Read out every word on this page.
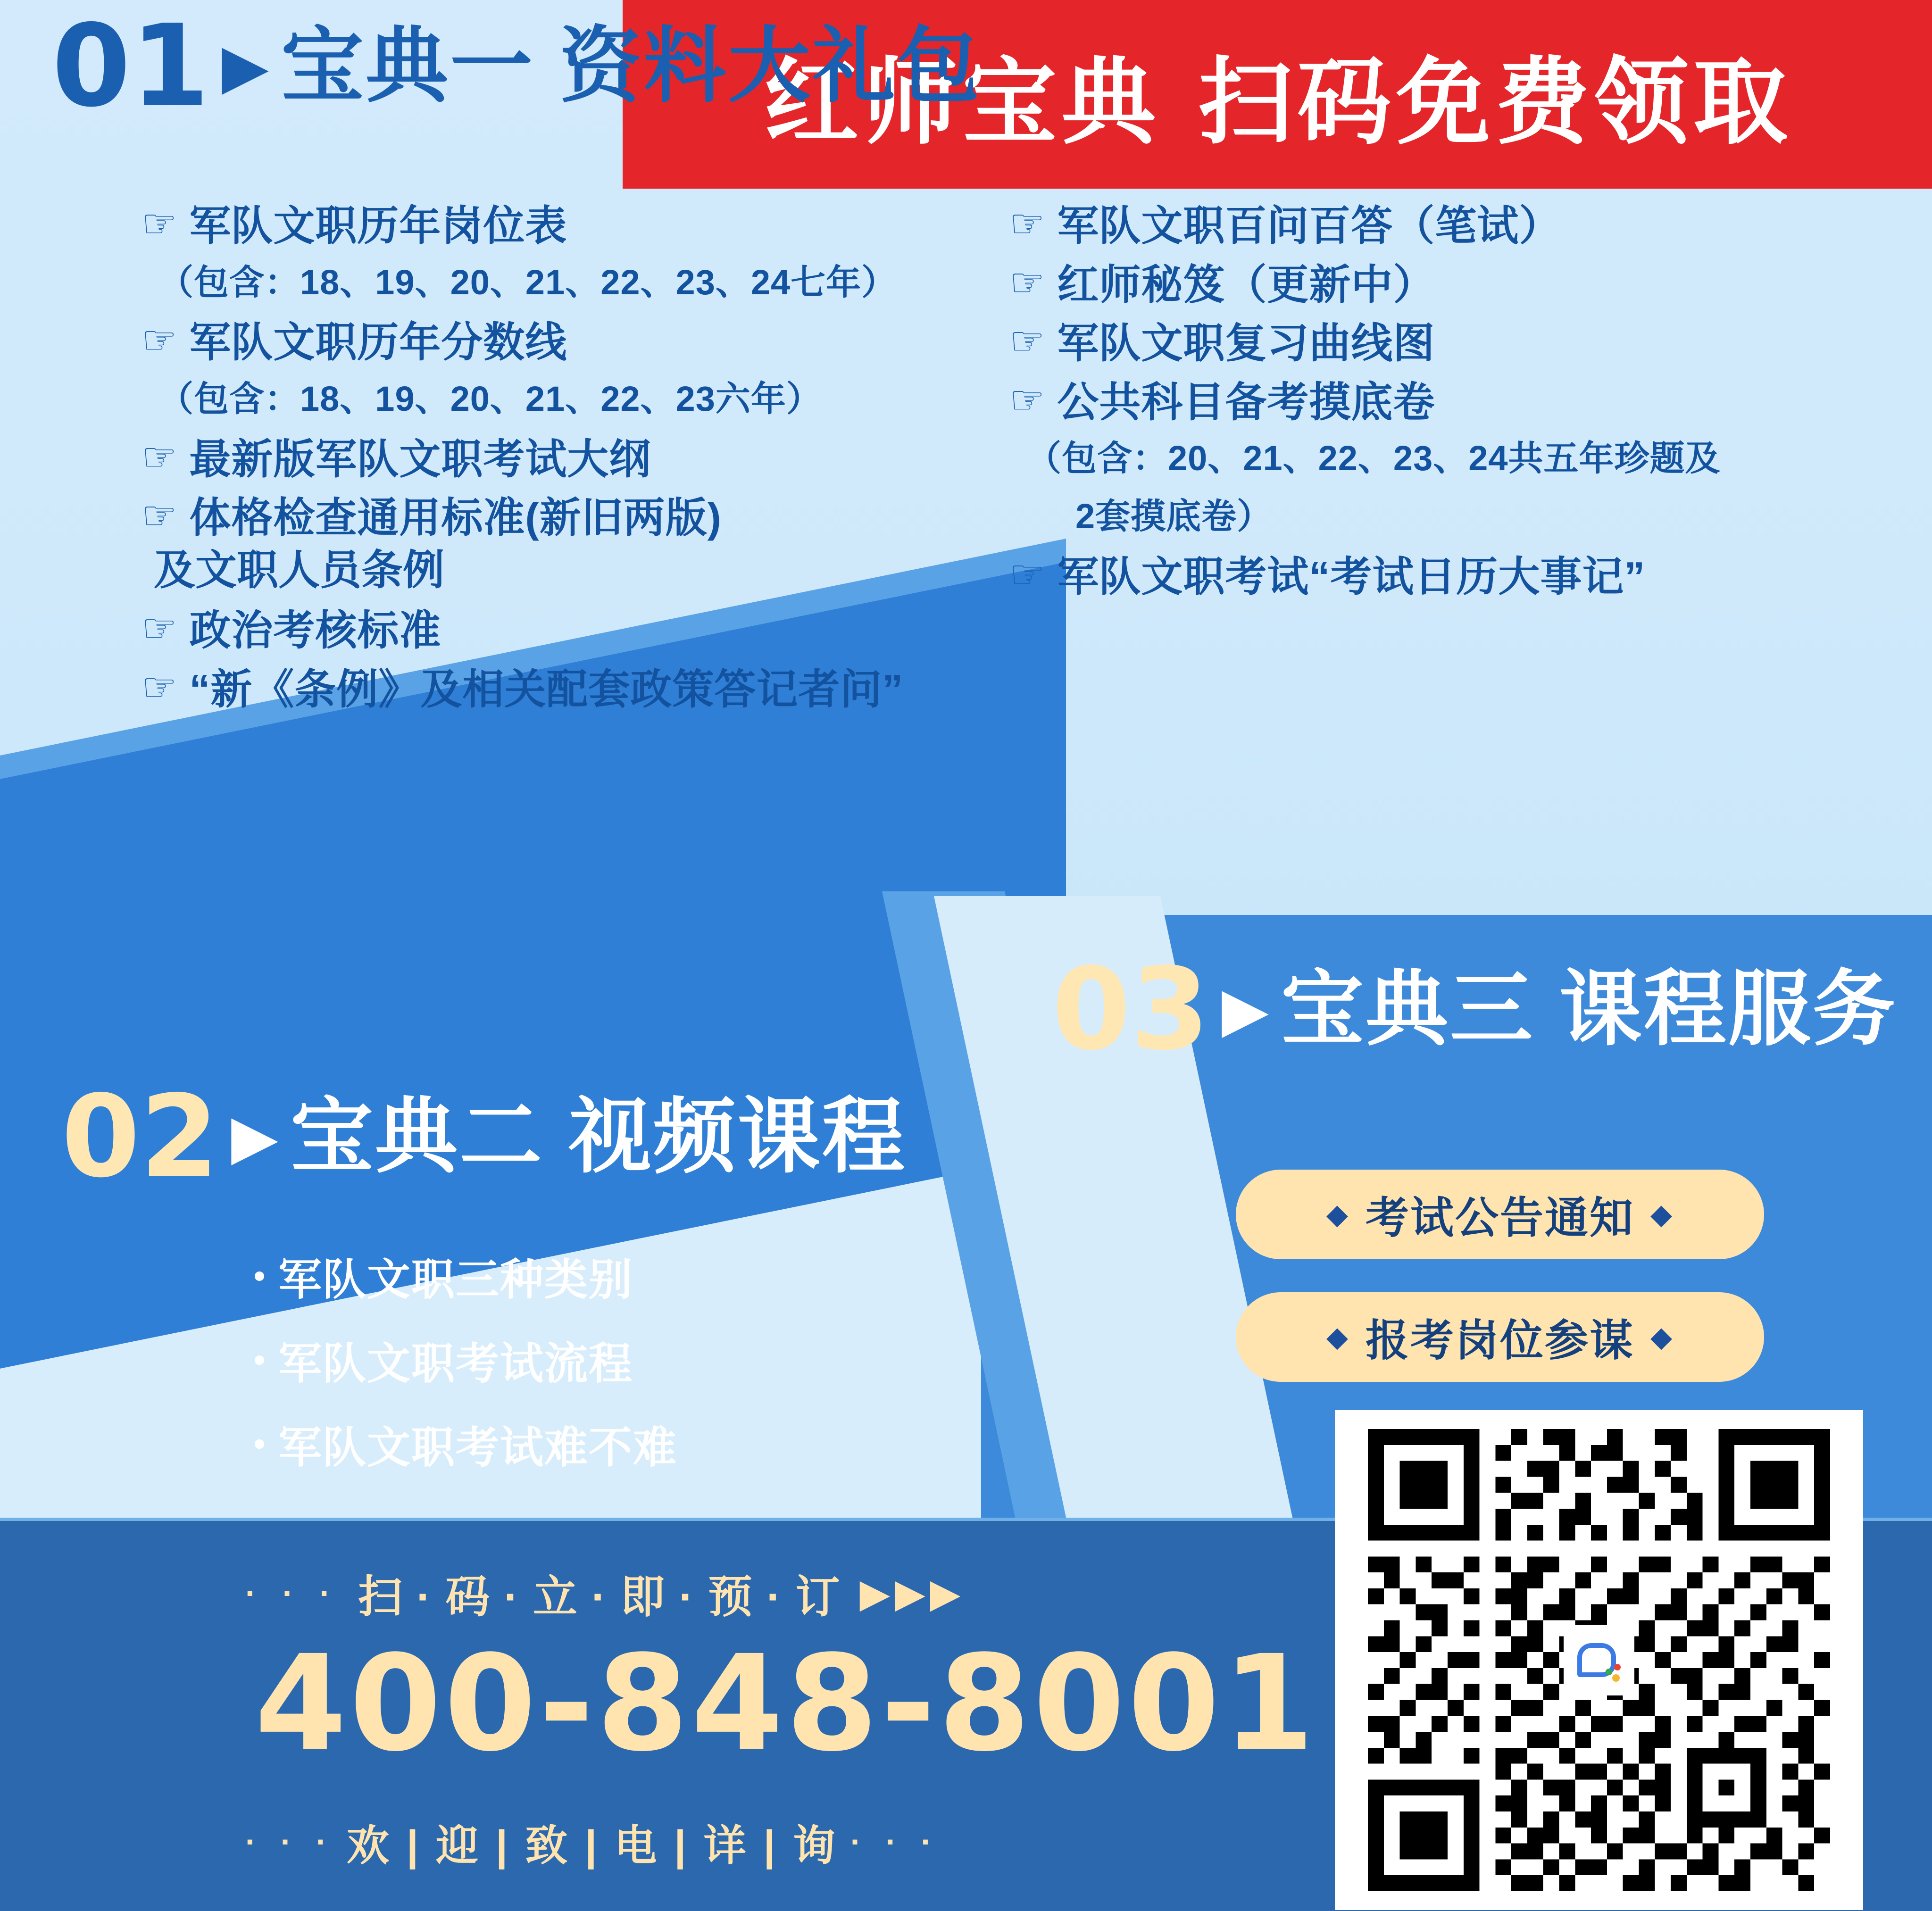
红师宝典 扫码免费领取
01 ▶ 宝典一 资料大礼包
☞ 军队文职历年岗位表
（包含：18、19、20、21、22、23、24七年）
☞ 军队文职历年分数线
（包含：18、19、20、21、22、23六年）
☞ 最新版军队文职考试大纲
☞ 体格检查通用标准(新旧两版)
及文职人员条例
☞ 政治考核标准
☞ “新《条例》及相关配套政策答记者问”
☞ 军队文职百问百答（笔试）
☞ 红师秘笈（更新中）
☞ 军队文职复习曲线图
☞ 公共科目备考摸底卷
（包含：20、21、22、23、24共五年珍题及
2套摸底卷）
☞ 军队文职考试“考试日历大事记”
02 ▶ 宝典二 视频课程
军队文职三种类别
军队文职考试流程
军队文职考试难不难
03 ▶ 宝典三 课程服务
◆ 考试公告通知 ◆
◆ 报考岗位参谋 ◆
· · · 扫 · 码 · 立 · 即 · 预 · 订 ▶▶▶
400-848-8001
· · · 欢 | 迎 | 致 | 电 | 详 | 询 · · ·
